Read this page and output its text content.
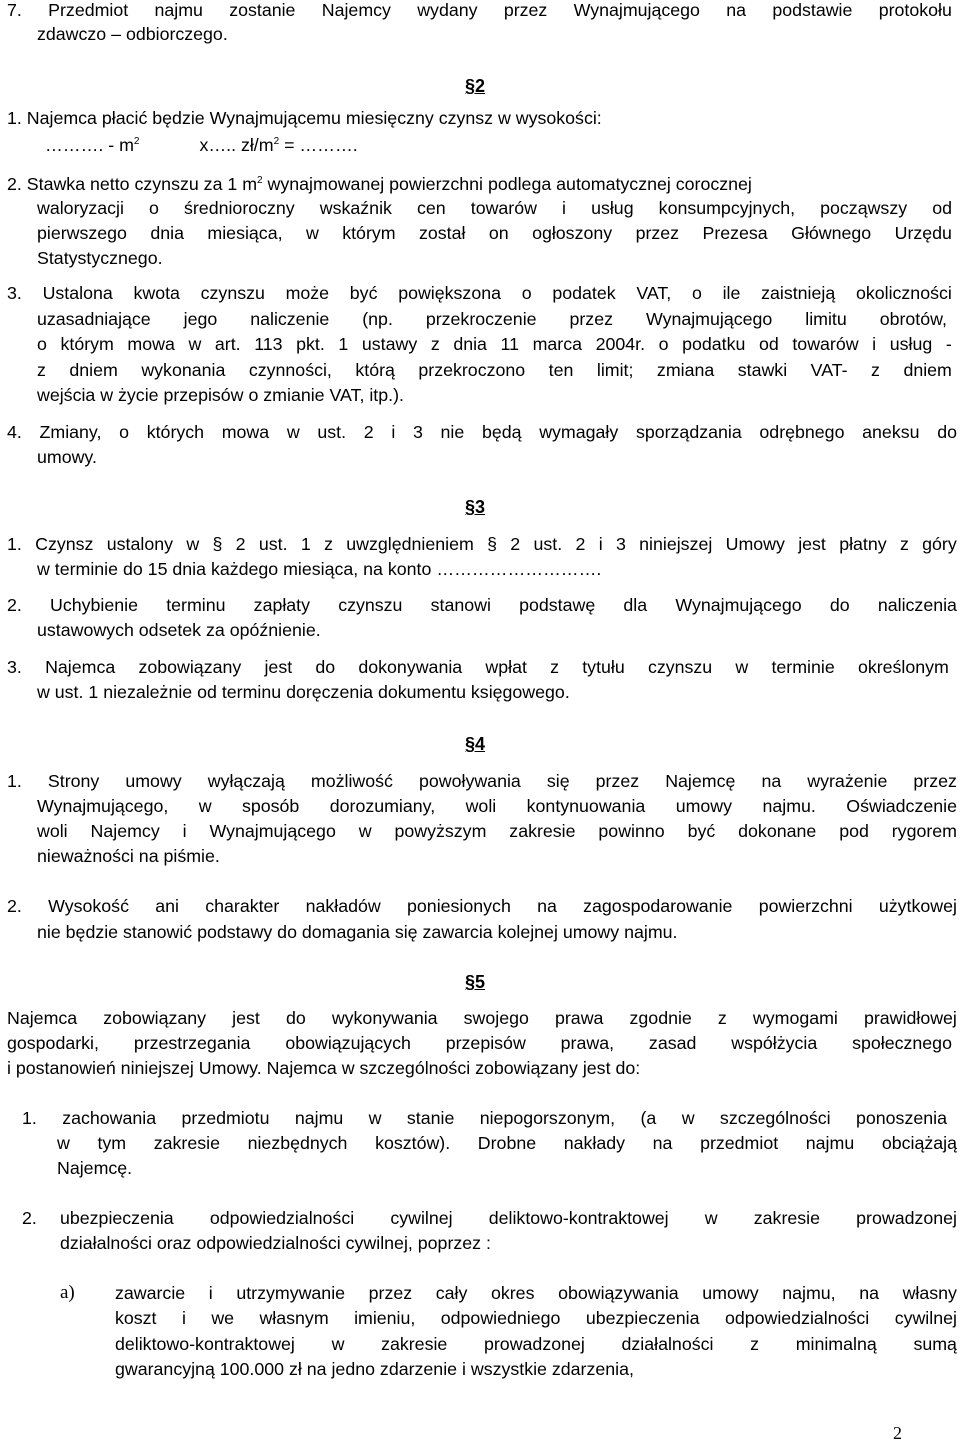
7. Przedmiot najmu zostanie Najemcy wydany przez Wynajmującego na podstawie protokołu
zdawczo – odbiorczego.
§2
1. Najemca płacić będzie Wynajmującemu miesięczny czynsz w wysokości:
………. - $m^2$	x….. $zł/m^2$ = ……….
2. Stawka netto czynszu za 1 $m^2$ wynajmowanej powierzchni podlega automatycznej corocznej
waloryzacji o średnioroczny wskaźnik cen towarów i usług konsumpcyjnych, począwszy od
pierwszego dnia miesiąca, w którym został on ogłoszony przez Prezesa Głównego Urzędu
Statystycznego.
3. Ustalona kwota czynszu może być powiększona o podatek VAT, o ile zaistnieją okoliczności
uzasadniające jego naliczenie (np. przekroczenie przez Wynajmującego limitu obrotów,
o którym mowa w art. 113 pkt. 1 ustawy z dnia 11 marca 2004r. o podatku od towarów i usług -
z dniem wykonania czynności, którą przekroczono ten limit; zmiana stawki VAT- z dniem
wejścia w życie przepisów o zmianie VAT, itp.).
4. Zmiany, o których mowa w ust. 2 i 3 nie będą wymagały sporządzania odrębnego aneksu do
umowy.
§3
1. Czynsz ustalony w § 2 ust. 1 z uwzględnieniem § 2 ust. 2 i 3 niniejszej Umowy jest płatny z góry
w terminie do 15 dnia każdego miesiąca, na konto ……………………….
2. Uchybienie terminu zapłaty czynszu stanowi podstawę dla Wynajmującego do naliczenia
ustawowych odsetek za opóźnienie.
3. Najemca zobowiązany jest do dokonywania wpłat z tytułu czynszu w terminie określonym
w ust. 1 niezależnie od terminu doręczenia dokumentu księgowego.
§4
1. Strony umowy wyłączają możliwość powoływania się przez Najemcę na wyrażenie przez
Wynajmującego, w sposób dorozumiany, woli kontynuowania umowy najmu. Oświadczenie
woli Najemcy i Wynajmującego w powyższym zakresie powinno być dokonane pod rygorem
nieważności na piśmie.
2. Wysokość ani charakter nakładów poniesionych na zagospodarowanie powierzchni użytkowej
nie będzie stanowić podstawy do domagania się zawarcia kolejnej umowy najmu.
§5
Najemca zobowiązany jest do wykonywania swojego prawa zgodnie z wymogami prawidłowej
gospodarki, przestrzegania obowiązujących przepisów prawa, zasad współżycia społecznego
i postanowień niniejszej Umowy. Najemca w szczególności zobowiązany jest do:
1. zachowania przedmiotu najmu w stanie niepogorszonym, (a w szczególności ponoszenia
w tym zakresie niezbędnych kosztów). Drobne nakłady na przedmiot najmu obciążają
Najemcę.
2. ubezpieczenia odpowiedzialności cywilnej deliktowo-kontraktowej w zakresie prowadzonej
działalności oraz odpowiedzialności cywilnej, poprzez :
a) zawarcie i utrzymywanie przez cały okres obowiązywania umowy najmu, na własny
koszt i we własnym imieniu, odpowiedniego ubezpieczenia odpowiedzialności cywilnej
deliktowo-kontraktowej w zakresie prowadzonej działalności z minimalną sumą
gwarancyjną 100.000 zł na jedno zdarzenie i wszystkie zdarzenia,
2
